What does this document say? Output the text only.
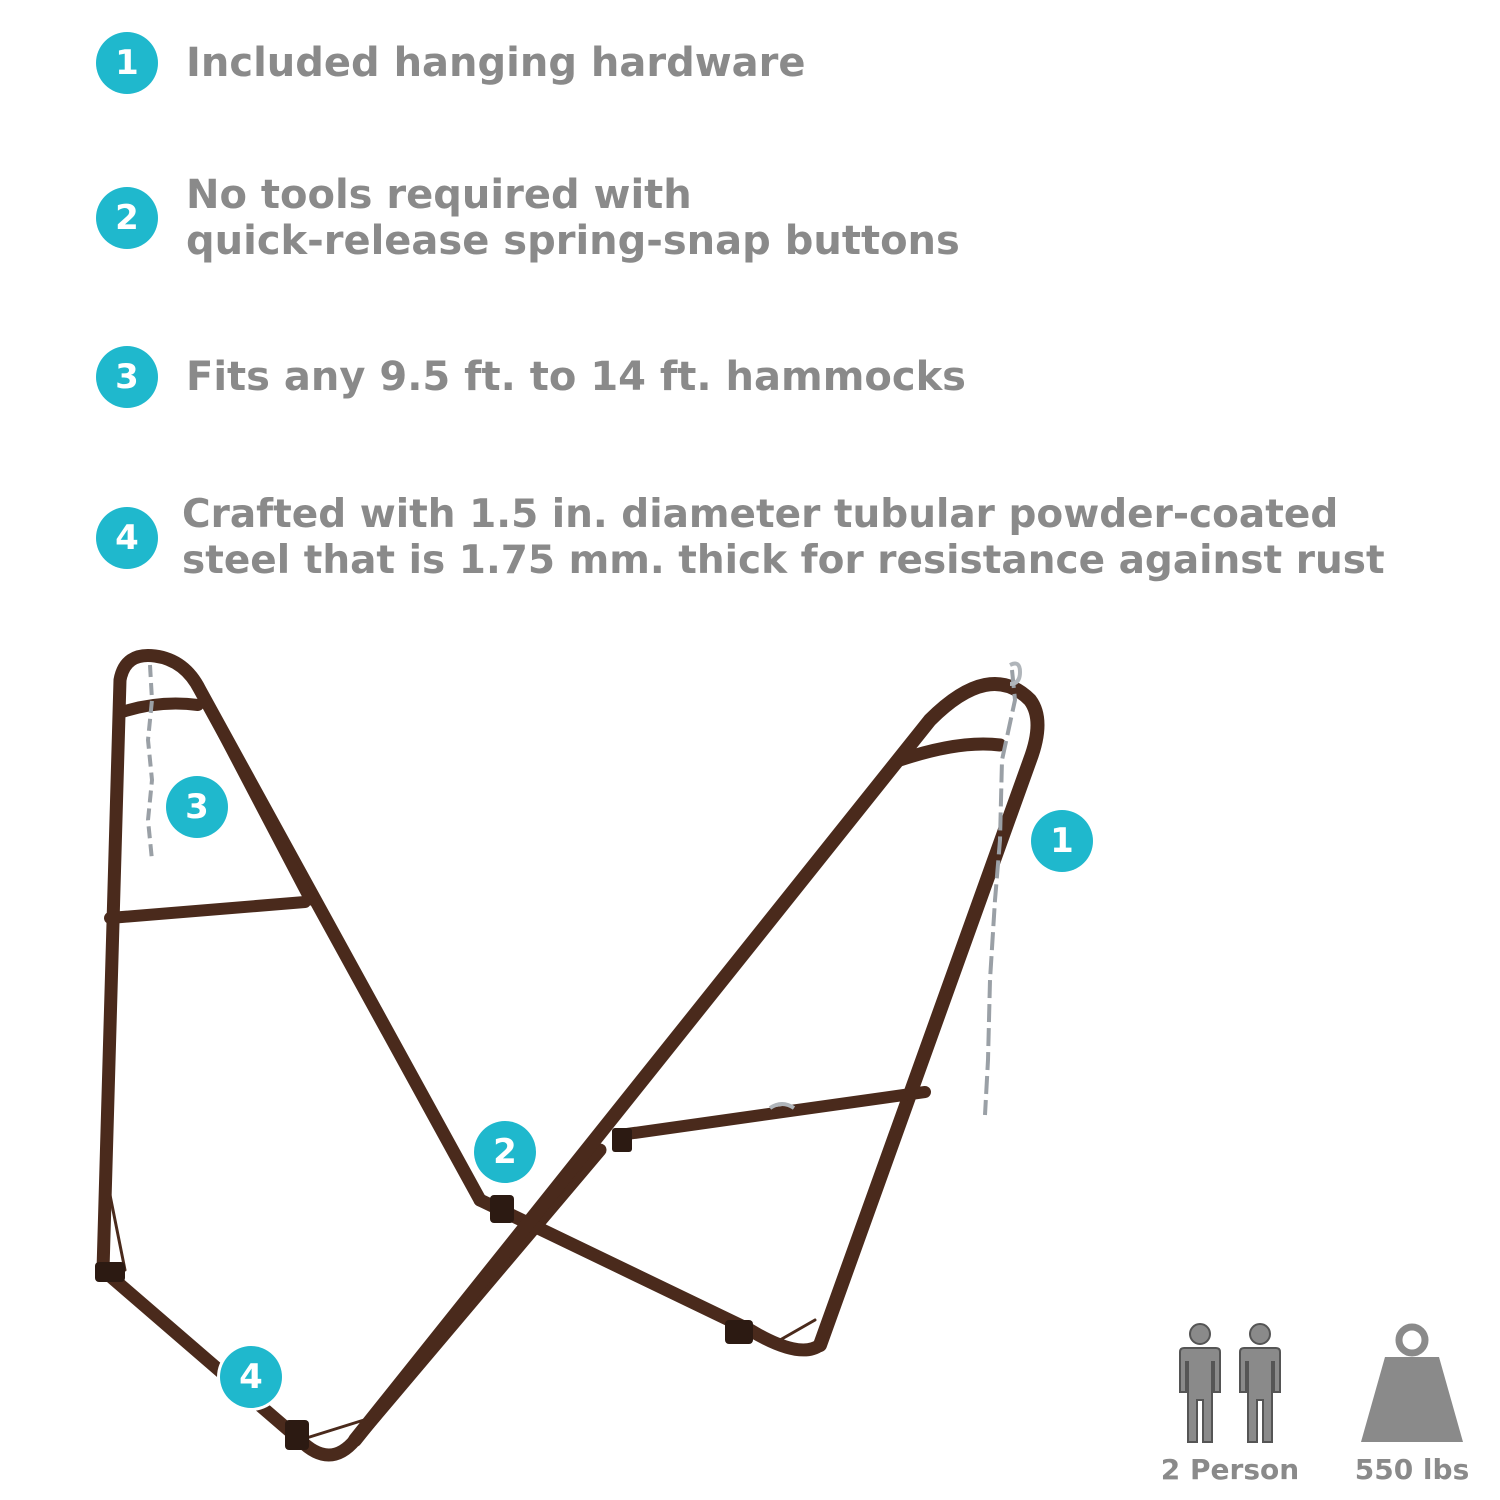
1	Included hanging hardware
2	No tools required with
quick-release spring-snap buttons
3	Fits any 9.5 ft. to 14 ft. hammocks
4
Crafted with 1.5 in. diameter tubular powder-coated
steel that is 1.75 mm. thick for resistance against rust
1
2
3
4
2 Person 550 lbs
